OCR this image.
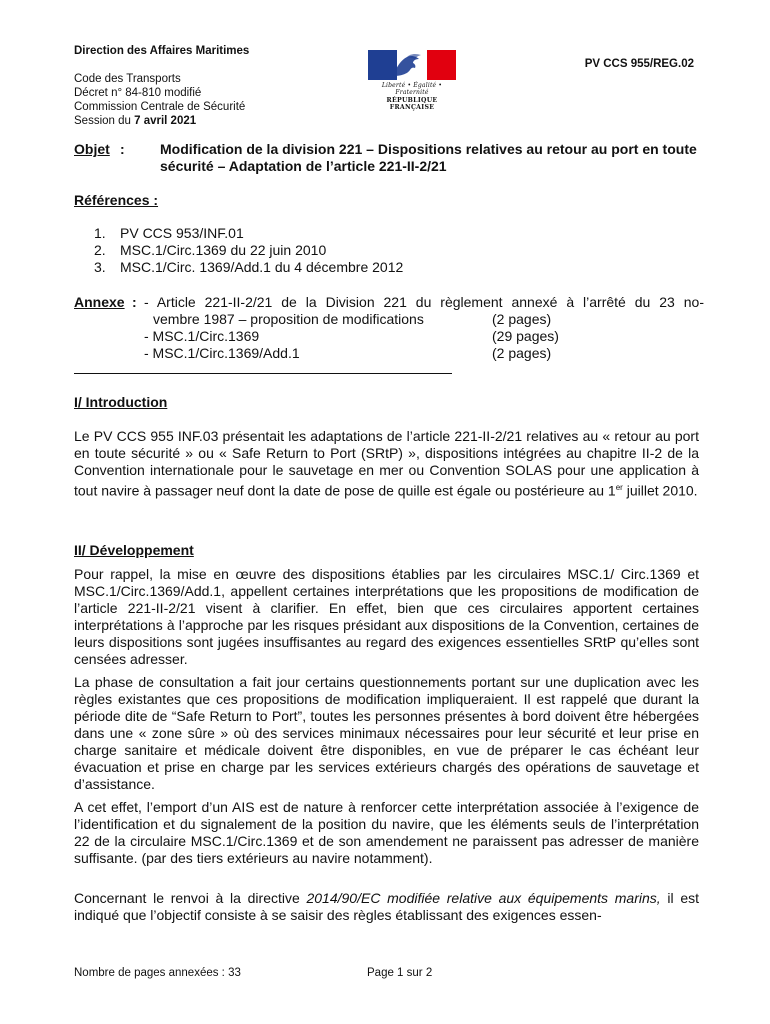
Direction des Affaires Maritimes
Code des Transports
Décret n° 84-810 modifié
Commission Centrale de Sécurité
Session du 7 avril 2021
Liberté • Égalité • Fraternité
RÉPUBLIQUE FRANÇAISE
PV CCS 955/REG.02
Objet :	Modification de la division 221 – Dispositions relatives au retour au port en toute sécurité – Adaptation de l’article 221-II-2/21
Références :
1. PV CCS 953/INF.01
2. MSC.1/Circ.1369 du 22 juin 2010
3. MSC.1/Circ. 1369/Add.1 du 4 décembre 2012
Annexe : - Article 221-II-2/21 de la Division 221 du règlement annexé à l’arrêté du 23 no-
vembre 1987 – proposition de modifications	(2 pages)
- MSC.1/Circ.1369	(29 pages)
- MSC.1/Circ.1369/Add.1	(2 pages)
I/ Introduction
Le PV CCS 955 INF.03 présentait les adaptations de l’article 221-II-2/21 relatives au « retour au port en toute sécurité » ou « Safe Return to Port (SRtP) », dispositions intégrées au chapitre II-2 de la Convention internationale pour le sauvetage en mer ou Convention SOLAS pour une application à tout navire à passager neuf dont la date de pose de quille est égale ou postérieure au 1er juillet 2010.
II/ Développement
Pour rappel, la mise en œuvre des dispositions établies par les circulaires MSC.1/ Circ.1369 et MSC.1/Circ.1369/Add.1, appellent certaines interprétations que les propositions de modification de l’article 221-II-2/21 visent à clarifier. En effet, bien que ces circulaires apportent certaines interprétations à l’approche par les risques présidant aux dispositions de la Convention, certaines de leurs dispositions sont jugées insuffisantes au regard des exigences essentielles SRtP qu’elles sont censées adresser.
La phase de consultation a fait jour certains questionnements portant sur une duplication avec les règles existantes que ces propositions de modification impliqueraient. Il est rappelé que durant la période dite de “Safe Return to Port”, toutes les personnes présentes à bord doivent être hébergées dans une « zone sûre » où des services minimaux nécessaires pour leur sécurité et leur prise en charge sanitaire et médicale doivent être disponibles, en vue de préparer le cas échéant leur évacuation et prise en charge par les services extérieurs chargés des opérations de sauvetage et d’assistance.
A cet effet, l’emport d’un AIS est de nature à renforcer cette interprétation associée à l’exigence de l’identification et du signalement de la position du navire, que les éléments seuls de l’interprétation 22 de la circulaire MSC.1/Circ.1369 et de son amendement ne paraissent pas adresser de manière suffisante. (par des tiers extérieurs au navire notamment).
Concernant le renvoi à la directive 2014/90/EC modifiée relative aux équipements marins, il est indiqué que l’objectif consiste à se saisir des règles établissant des exigences essen-
Nombre de pages annexées : 33	Page 1 sur 2
